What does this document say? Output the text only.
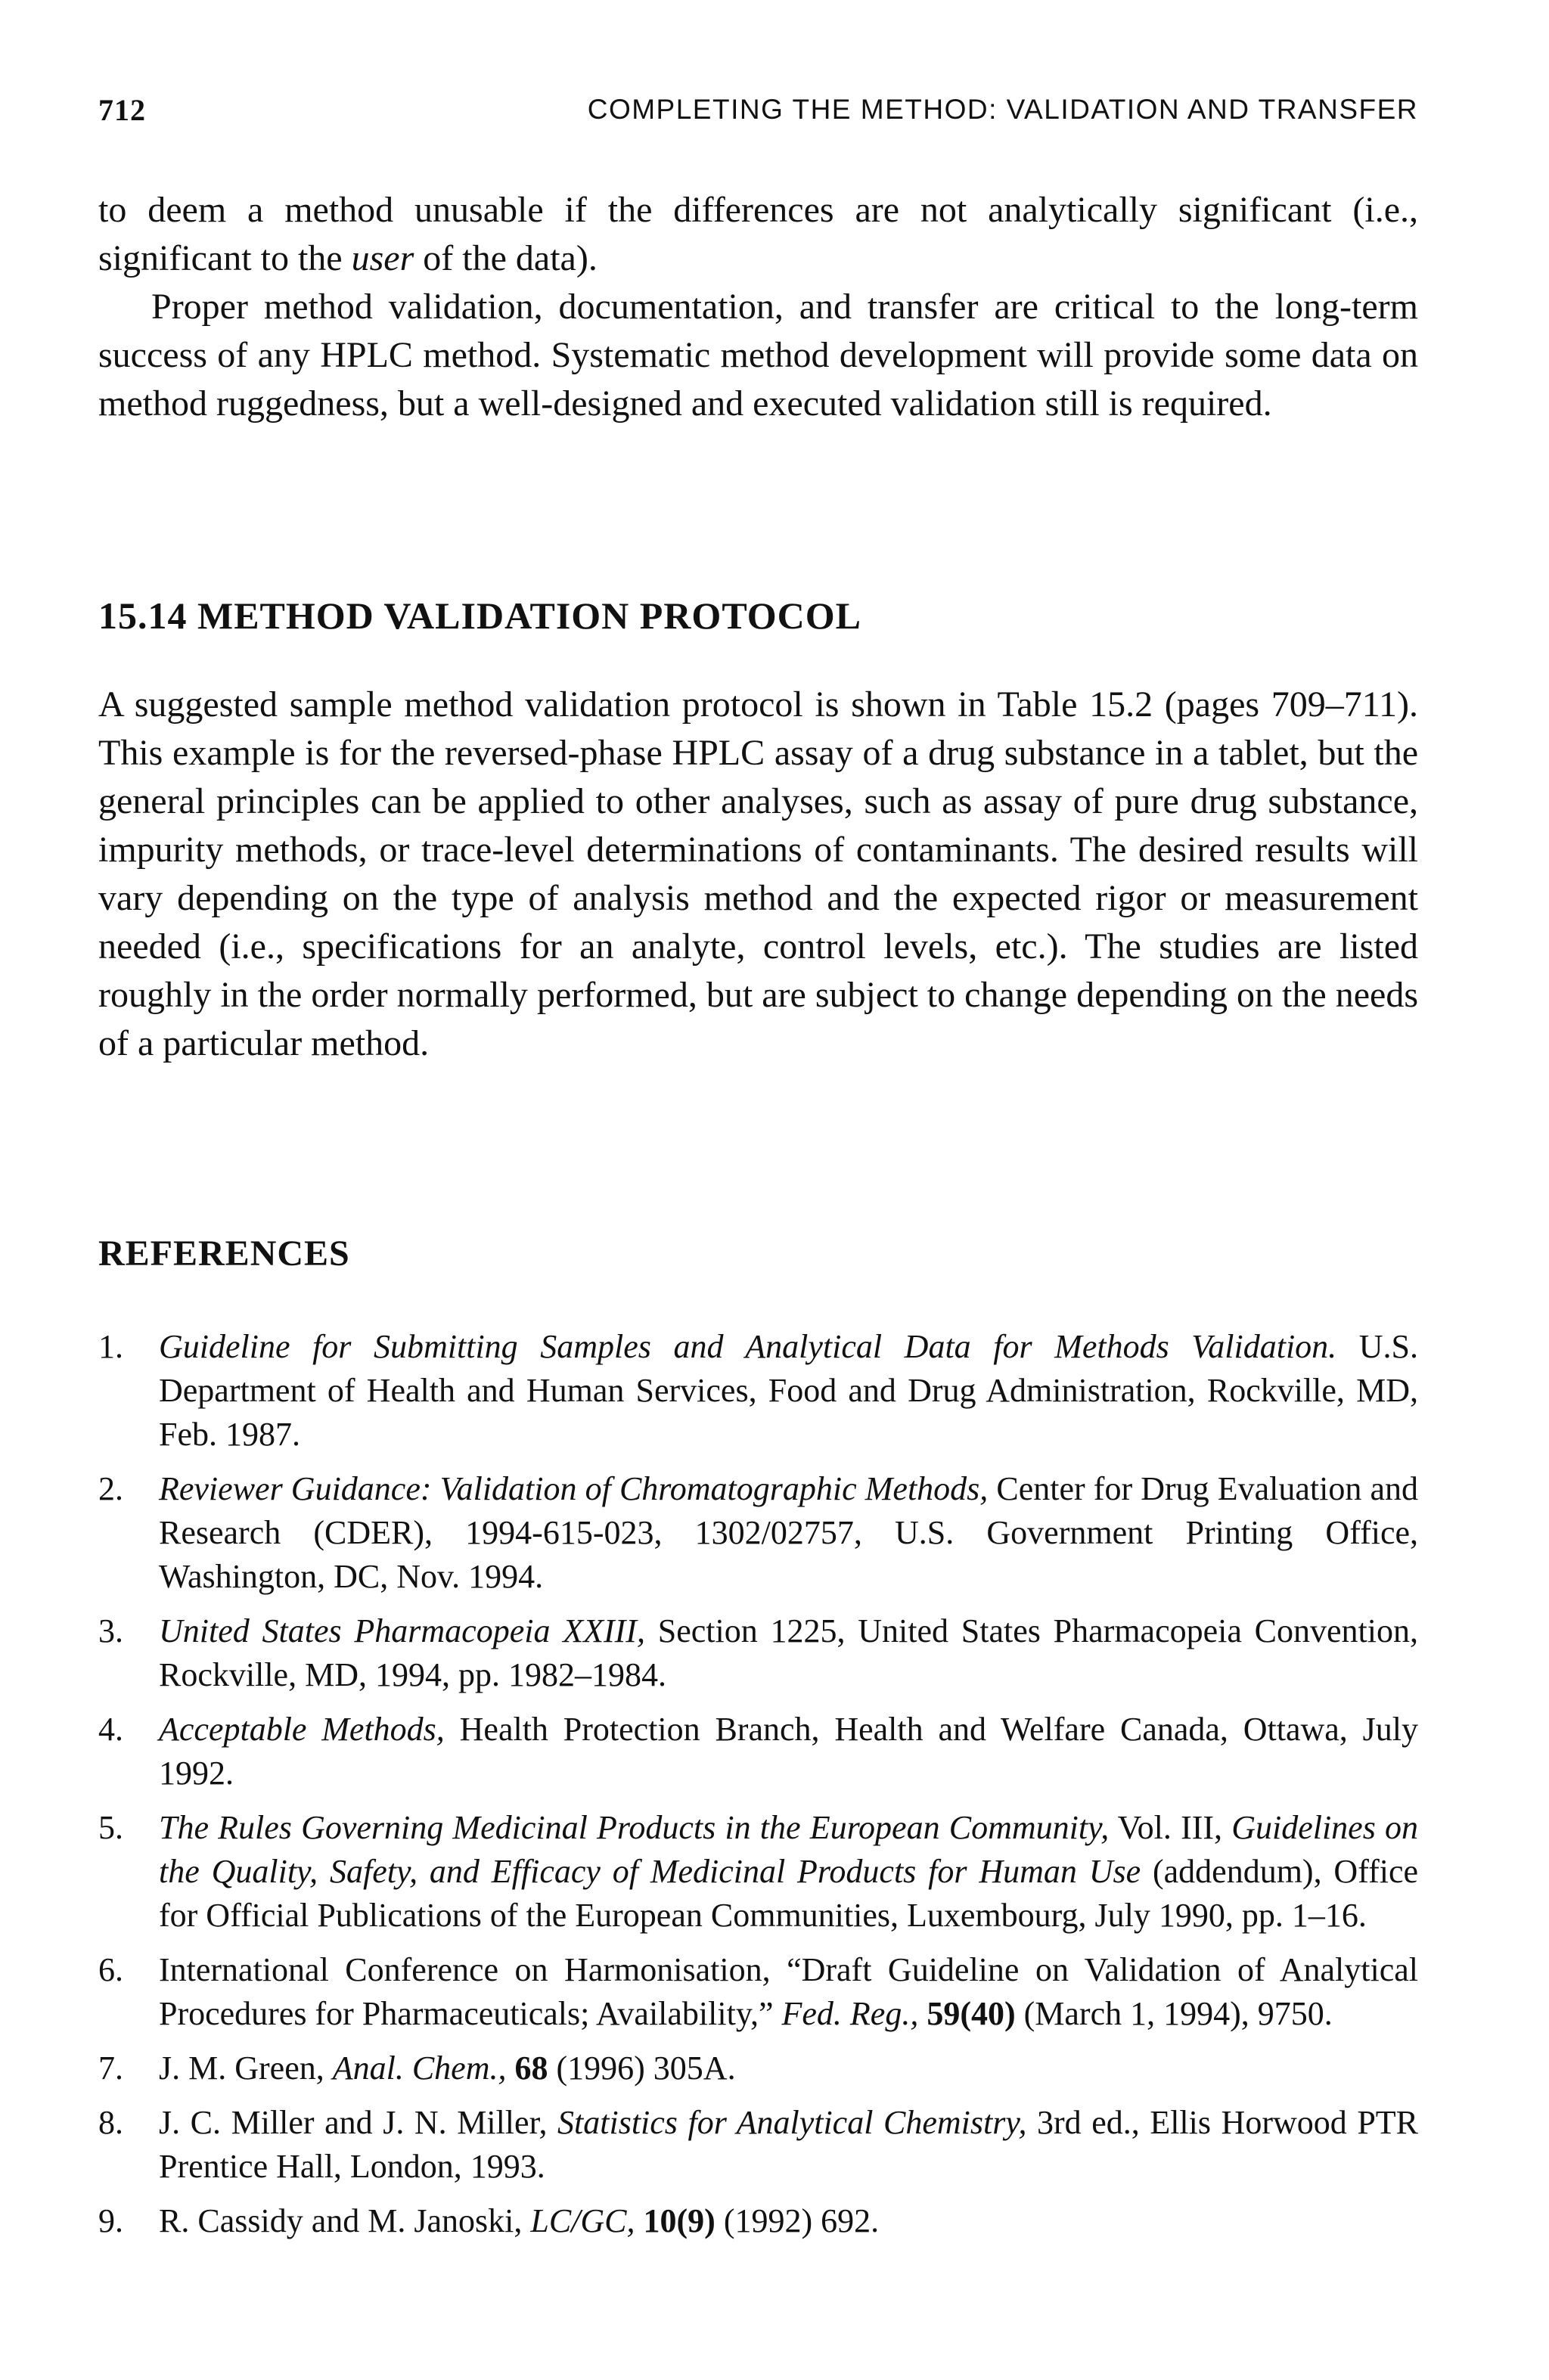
712	COMPLETING THE METHOD: VALIDATION AND TRANSFER

to deem a method unusable if the differences are not analytically significant (i.e., significant to the user of the data).

Proper method validation, documentation, and transfer are critical to the long-term success of any HPLC method. Systematic method development will provide some data on method ruggedness, but a well-designed and executed validation still is required.

15.14 METHOD VALIDATION PROTOCOL

A suggested sample method validation protocol is shown in Table 15.2 (pages 709–711). This example is for the reversed-phase HPLC assay of a drug substance in a tablet, but the general principles can be applied to other analyses, such as assay of pure drug substance, impurity methods, or trace-level determinations of contaminants. The desired results will vary depending on the type of analysis method and the expected rigor or measurement needed (i.e., specifications for an analyte, control levels, etc.). The studies are listed roughly in the order normally performed, but are subject to change depending on the needs of a particular method.

REFERENCES
1.	Guideline for Submitting Samples and Analytical Data for Methods Validation. U.S. Department of Health and Human Services, Food and Drug Administration, Rockville, MD, Feb. 1987.
2.	Reviewer Guidance: Validation of Chromatographic Methods, Center for Drug Evaluation and Research (CDER), 1994-615-023, 1302/02757, U.S. Government Printing Office, Washington, DC, Nov. 1994.
3.	United States Pharmacopeia XXIII, Section 1225, United States Pharmacopeia Convention, Rockville, MD, 1994, pp. 1982–1984.
4.	Acceptable Methods, Health Protection Branch, Health and Welfare Canada, Ottawa, July 1992.
5.	The Rules Governing Medicinal Products in the European Community, Vol. III, Guidelines on the Quality, Safety, and Efficacy of Medicinal Products for Human Use (addendum), Office for Official Publications of the European Communities, Luxembourg, July 1990, pp. 1–16.
6.	International Conference on Harmonisation, “Draft Guideline on Validation of Analytical Procedures for Pharmaceuticals; Availability,” Fed. Reg., 59(40) (March 1, 1994), 9750.
7.	J. M. Green, Anal. Chem., 68 (1996) 305A.
8.	J. C. Miller and J. N. Miller, Statistics for Analytical Chemistry, 3rd ed., Ellis Horwood PTR Prentice Hall, London, 1993.
9.	R. Cassidy and M. Janoski, LC/GC, 10(9) (1992) 692.
